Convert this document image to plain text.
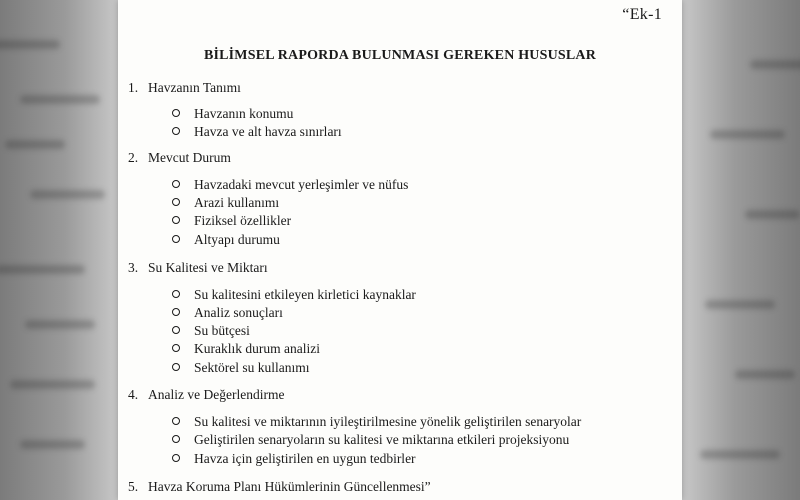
“Ek-1
BİLİMSEL RAPORDA BULUNMASI GEREKEN HUSUSLAR
1. Havzanın Tanımı
Havzanın konumu
Havza ve alt havza sınırları
2. Mevcut Durum
Havzadaki mevcut yerleşimler ve nüfus
Arazi kullanımı
Fiziksel özellikler
Altyapı durumu
3. Su Kalitesi ve Miktarı
Su kalitesini etkileyen kirletici kaynaklar
Analiz sonuçları
Su bütçesi
Kuraklık durum analizi
Sektörel su kullanımı
4. Analiz ve Değerlendirme
Su kalitesi ve miktarının iyileştirilmesine yönelik geliştirilen senaryolar
Geliştirilen senaryoların su kalitesi ve miktarına etkileri projeksiyonu
Havza için geliştirilen en uygun tedbirler
5. Havza Koruma Planı Hükümlerinin Güncellenmesi”
